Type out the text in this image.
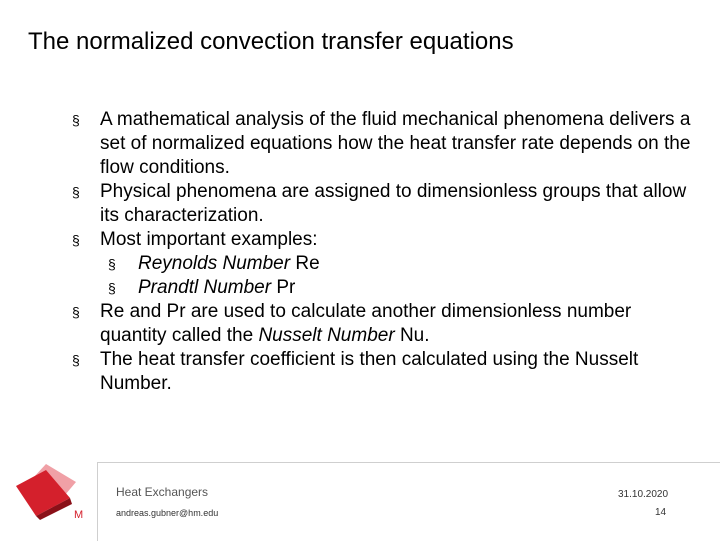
The normalized convection transfer equations
§	A mathematical analysis of the fluid mechanical phenomena delivers a set of normalized equations how the heat transfer rate depends on the flow conditions.
§	Physical phenomena are assigned to dimensionless groups that allow its characterization.
§	Most important examples:
§	Reynolds Number Re
§	Prandtl Number Pr
§	Re and Pr are used to calculate another dimensionless number quantity called the Nusselt Number Nu.
§	The heat transfer coefficient is then calculated using the Nusselt Number.
M
Heat Exchangers
andreas.gubner@hm.edu
31.10.2020
14
